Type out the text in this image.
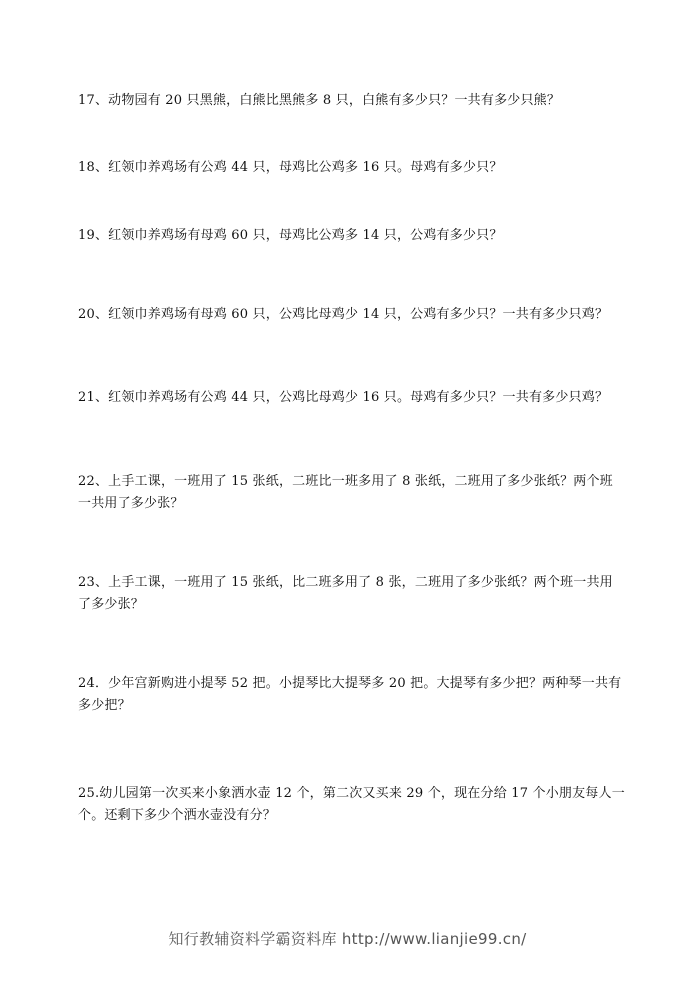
17、动物园有 20 只黑熊，白熊比黑熊多 8 只，白熊有多少只？一共有多少只熊？

18、红领巾养鸡场有公鸡 44 只，母鸡比公鸡多 16 只。母鸡有多少只？

19、红领巾养鸡场有母鸡 60 只，母鸡比公鸡多 14 只，公鸡有多少只？

20、红领巾养鸡场有母鸡 60 只，公鸡比母鸡少 14 只，公鸡有多少只？一共有多少只鸡？

21、红领巾养鸡场有公鸡 44 只，公鸡比母鸡少 16 只。母鸡有多少只？一共有多少只鸡？

22、上手工课，一班用了 15 张纸，二班比一班多用了 8 张纸，二班用了多少张纸？两个班一共用了多少张？

23、上手工课，一班用了 15 张纸，比二班多用了 8 张，二班用了多少张纸？两个班一共用了多少张？

24．少年宫新购进小提琴 52 把。小提琴比大提琴多 20 把。大提琴有多少把？两种琴一共有多少把？

25.幼儿园第一次买来小象洒水壶 12 个，第二次又买来 29 个，现在分给 17 个小朋友每人一个。还剩下多少个洒水壶没有分？

知行教辅资料学霸资料库 http://www.lianjie99.cn/
